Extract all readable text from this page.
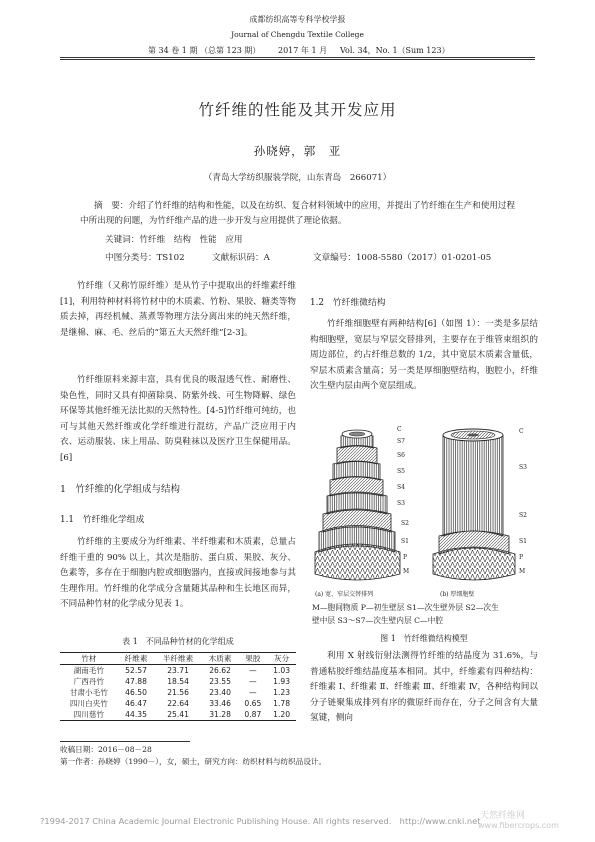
成都纺织高等专科学校学报
Journal of Chengdu Textile College
第 34 卷 1 期 （总第 123 期） 2017 年 1 月 Vol. 34，No. 1（Sum 123）
竹纤维的性能及其开发应用
孙晓婷，郭　亚
（青岛大学纺织服装学院，山东青岛　266071）
摘　要：介绍了竹纤维的结构和性能，以及在纺织、复合材料领域中的应用，并提出了竹纤维在生产和使用过程中所出现的问题，为竹纤维产品的进一步开发与应用提供了理论依据。
关键词：竹纤维　结构　性能　应用
中图分类号：TS102	文献标识码：A	文章编号：1008-5580（2017）01-0201-05

竹纤维（又称竹原纤维）是从竹子中提取出的纤维素纤维[1]，利用特种材料将竹材中的木质素、竹粉、果胶、糖类等物质去掉，再经机械、蒸煮等物理方法分离出来的纯天然纤维，是继棉、麻、毛、丝后的“第五大天然纤维”[2-3]。

竹纤维原料来源丰富，具有优良的吸湿透气性、耐磨性、染色性，同时又具有抑菌除臭、防紫外线、可生物降解、绿色环保等其他纤维无法比拟的天然特性。[4-5]竹纤维可纯纺，也可与其他天然纤维或化学纤维进行混纺，产品广泛应用于内衣、运动服装、床上用品、防臭鞋袜以及医疗卫生保健用品。[6]

1　竹纤维的化学组成与结构
1.1　竹纤维化学组成

竹纤维的主要成分为纤维素、半纤维素和木质素，总量占纤维干重的 90% 以上，其次是脂肪、蛋白质、果胶、灰分、色素等，多存在于细胞内腔或细胞器内，直接或间接地参与其生理作用。竹纤维的化学成分含量随其品种和生长地区而异，不同品种竹材的化学成分见表 1。

表 1　不同品种竹材的化学组成
竹材	纤维素	半纤维素	木质素	果胶	灰分
湖南毛竹	52.57	23.71	26.62	—	1.03
广西丹竹	47.88	18.54	23.55	—	1.93
甘肃小毛竹	46.50	21.56	23.40	—	1.23
四川白夹竹	46.47	22.64	33.46	0.65	1.78
四川慈竹	44.35	25.41	31.28	0.87	1.20
1.2　竹纤维微结构

竹纤维细胞壁有两种结构[6]（如图 1）：一类是多层结构细胞壁，宽层与窄层交替排列，主要存在于维管束组织的周边部位，约占纤维总数的 1/2，其中宽层木质素含量低，窄层木质素含量高；另一类是厚细胞壁结构，胞腔小，纤维次生壁内层由两个宽层组成。

C
S7
S6
S5
S4
S3
S2
S1
P
M
C
S3
S2
S1
P
M
(a) 宽、窄层交替排列	(b) 厚细胞壁
M—胞间物质 P—初生壁层 S1—次生壁外层 S2—次生
壁中层 S3～S7—次生壁内层 C—中腔
图 1　竹纤维微结构模型

利用 X 射线衍射法测得竹纤维的结晶度为 31.6%，与普通粘胶纤维结晶度基本相同。其中，纤维素有四种结构：纤维素 Ⅰ、纤维素 Ⅱ、纤维素 Ⅲ、纤维素 Ⅳ，各种结构间以分子链聚集成排列有序的微原纤而存在，分子之间含有大量氢键，侧向

收稿日期：2016－08－28
第一作者：孙晓婷（1990－），女，硕士，研究方向：纺织材料与纺织品设计。
?1994-2017 China Academic Journal Electronic Publishing House. All rights reserved.　http://www.cnki.net 天然纤维网
www.fibercrops.com
